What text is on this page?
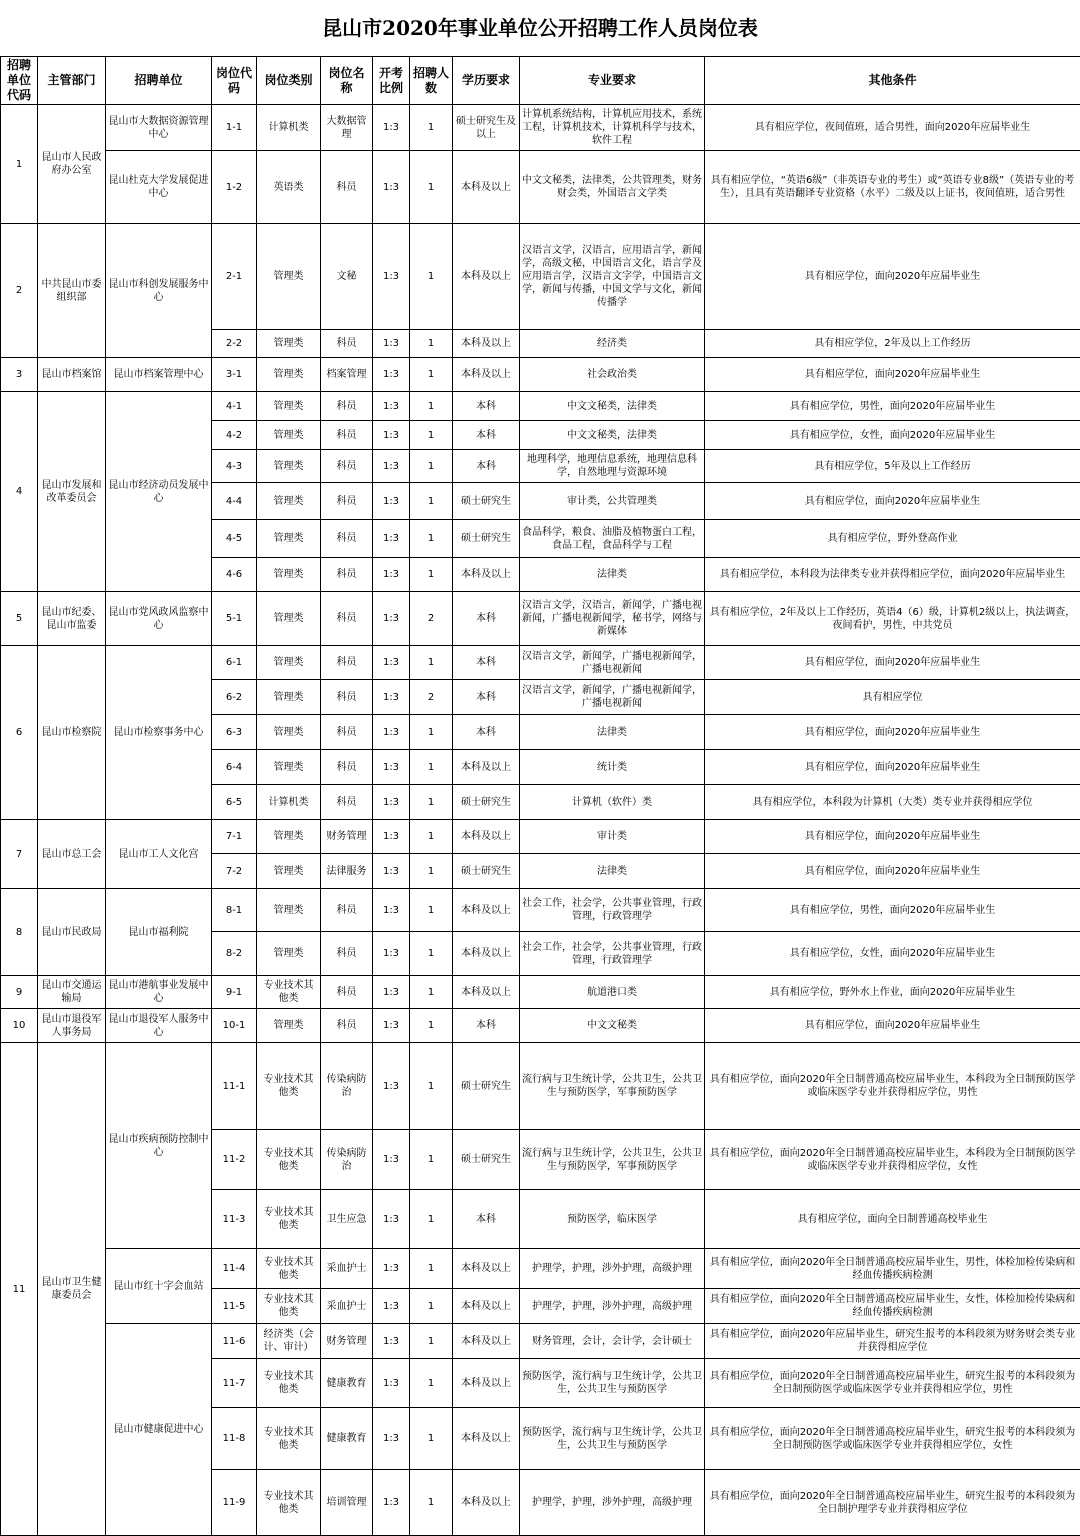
昆山市2020年事业单位公开招聘工作人员岗位表
招聘单位代码	主管部门	招聘单位	岗位代码	岗位类别	岗位名称	开考比例	招聘人数	学历要求	专业要求	其他条件
1	昆山市人民政府办公室	昆山市大数据资源管理中心	1-1	计算机类	大数据管理	1:3	1	硕士研究生及以上	计算机系统结构，计算机应用技术，系统工程，计算机技术，计算机科学与技术，软件工程	具有相应学位，夜间值班，适合男性，面向2020年应届毕业生
		昆山杜克大学发展促进中心	1-2	英语类	科员	1:3	1	本科及以上	中文文秘类，法律类，公共管理类，财务财会类，外国语言文学类	具有相应学位，“英语6级”（非英语专业的考生）或“英语专业8级”（英语专业的考生），且具有英语翻译专业资格（水平）二级及以上证书，夜间值班，适合男性
2	中共昆山市委组织部	昆山市科创发展服务中心	2-1	管理类	文秘	1:3	1	本科及以上	汉语言文学，汉语言，应用语言学，新闻学，高级文秘，中国语言文化，语言学及应用语言学，汉语言文字学，中国语言文学，新闻与传播，中国文学与文化，新闻传播学	具有相应学位，面向2020年应届毕业生
			2-2	管理类	科员	1:3	1	本科及以上	经济类	具有相应学位，2年及以上工作经历
3	昆山市档案馆	昆山市档案管理中心	3-1	管理类	档案管理	1:3	1	本科及以上	社会政治类	具有相应学位，面向2020年应届毕业生
4	昆山市发展和改革委员会	昆山市经济动员发展中心	4-1	管理类	科员	1:3	1	本科	中文文秘类，法律类	具有相应学位，男性，面向2020年应届毕业生
			4-2	管理类	科员	1:3	1	本科	中文文秘类，法律类	具有相应学位，女性，面向2020年应届毕业生
			4-3	管理类	科员	1:3	1	本科	地理科学，地理信息系统，地理信息科学，自然地理与资源环境	具有相应学位，5年及以上工作经历
			4-4	管理类	科员	1:3	1	硕士研究生	审计类，公共管理类	具有相应学位，面向2020年应届毕业生
			4-5	管理类	科员	1:3	1	硕士研究生	食品科学，粮食、油脂及植物蛋白工程，食品工程，食品科学与工程	具有相应学位，野外登高作业
			4-6	管理类	科员	1:3	1	本科及以上	法律类	具有相应学位，本科段为法律类专业并获得相应学位，面向2020年应届毕业生
5	昆山市纪委、昆山市监委	昆山市党风政风监察中心	5-1	管理类	科员	1:3	2	本科	汉语言文学，汉语言，新闻学，广播电视新闻，广播电视新闻学，秘书学，网络与新媒体	具有相应学位，2年及以上工作经历，英语4（6）级，计算机2级以上，执法调查，夜间看护，男性，中共党员
6	昆山市检察院	昆山市检察事务中心	6-1	管理类	科员	1:3	1	本科	汉语言文学，新闻学，广播电视新闻学，广播电视新闻	具有相应学位，面向2020年应届毕业生
			6-2	管理类	科员	1:3	2	本科	汉语言文学，新闻学，广播电视新闻学，广播电视新闻	具有相应学位
			6-3	管理类	科员	1:3	1	本科	法律类	具有相应学位，面向2020年应届毕业生
			6-4	管理类	科员	1:3	1	本科及以上	统计类	具有相应学位，面向2020年应届毕业生
			6-5	计算机类	科员	1:3	1	硕士研究生	计算机（软件）类	具有相应学位，本科段为计算机（大类）类专业并获得相应学位
7	昆山市总工会	昆山市工人文化宫	7-1	管理类	财务管理	1:3	1	本科及以上	审计类	具有相应学位，面向2020年应届毕业生
			7-2	管理类	法律服务	1:3	1	硕士研究生	法律类	具有相应学位，面向2020年应届毕业生
8	昆山市民政局	昆山市福利院	8-1	管理类	科员	1:3	1	本科及以上	社会工作，社会学，公共事业管理，行政管理，行政管理学	具有相应学位，男性，面向2020年应届毕业生
			8-2	管理类	科员	1:3	1	本科及以上	社会工作，社会学，公共事业管理，行政管理，行政管理学	具有相应学位，女性，面向2020年应届毕业生
9	昆山市交通运输局	昆山市港航事业发展中心	9-1	专业技术其他类	科员	1:3	1	本科及以上	航道港口类	具有相应学位，野外水上作业，面向2020年应届毕业生
10	昆山市退役军人事务局	昆山市退役军人服务中心	10-1	管理类	科员	1:3	1	本科	中文文秘类	具有相应学位，面向2020年应届毕业生
11	昆山市卫生健康委员会	昆山市疾病预防控制中心	11-1	专业技术其他类	传染病防治	1:3	1	硕士研究生	流行病与卫生统计学，公共卫生，公共卫生与预防医学，军事预防医学	具有相应学位，面向2020年全日制普通高校应届毕业生，本科段为全日制预防医学或临床医学专业并获得相应学位，男性
			11-2	专业技术其他类	传染病防治	1:3	1	硕士研究生	流行病与卫生统计学，公共卫生，公共卫生与预防医学，军事预防医学	具有相应学位，面向2020年全日制普通高校应届毕业生，本科段为全日制预防医学或临床医学专业并获得相应学位，女性
			11-3	专业技术其他类	卫生应急	1:3	1	本科	预防医学，临床医学	具有相应学位，面向全日制普通高校毕业生
		昆山市红十字会血站	11-4	专业技术其他类	采血护士	1:3	1	本科及以上	护理学，护理，涉外护理，高级护理	具有相应学位，面向2020年全日制普通高校应届毕业生，男性，体检加检传染病和经血传播疾病检测
			11-5	专业技术其他类	采血护士	1:3	1	本科及以上	护理学，护理，涉外护理，高级护理	具有相应学位，面向2020年全日制普通高校应届毕业生，女性，体检加检传染病和经血传播疾病检测
		昆山市健康促进中心	11-6	经济类（会计、审计）	财务管理	1:3	1	本科及以上	财务管理，会计，会计学，会计硕士	具有相应学位，面向2020年应届毕业生，研究生报考的本科段须为财务财会类专业并获得相应学位
			11-7	专业技术其他类	健康教育	1:3	1	本科及以上	预防医学，流行病与卫生统计学，公共卫生，公共卫生与预防医学	具有相应学位，面向2020年全日制普通高校应届毕业生，研究生报考的本科段须为全日制预防医学或临床医学专业并获得相应学位，男性
			11-8	专业技术其他类	健康教育	1:3	1	本科及以上	预防医学，流行病与卫生统计学，公共卫生，公共卫生与预防医学	具有相应学位，面向2020年全日制普通高校应届毕业生，研究生报考的本科段须为全日制预防医学或临床医学专业并获得相应学位，女性
			11-9	专业技术其他类	培训管理	1:3	1	本科及以上	护理学，护理，涉外护理，高级护理	具有相应学位，面向2020年全日制普通高校应届毕业生，研究生报考的本科段须为全日制护理学专业并获得相应学位
